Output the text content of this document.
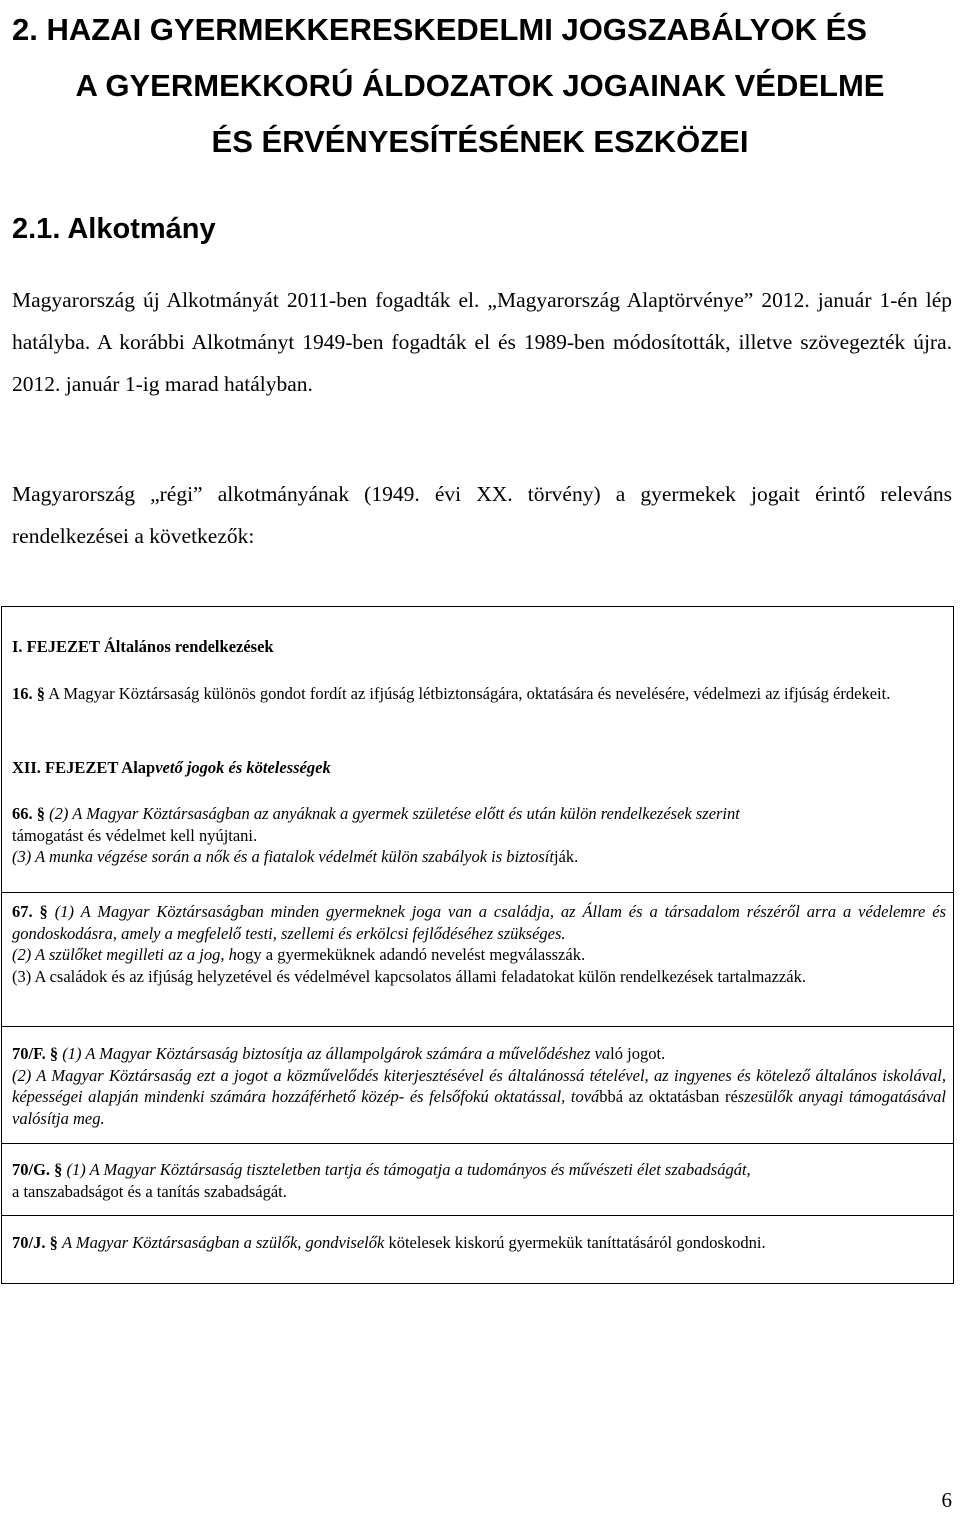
2. HAZAI GYERMEKKERESKEDELMI JOGSZABÁLYOK ÉS
A GYERMEKKORÚ ÁLDOZATOK JOGAINAK VÉDELME
ÉS ÉRVÉNYESÍTÉSÉNEK ESZKÖZEI
2.1. Alkotmány

Magyarország új Alkotmányát 2011-ben fogadták el. „Magyarország Alaptörvénye” 2012. január 1-én lép hatályba. A korábbi Alkotmányt 1949-ben fogadták el és 1989-ben módosították, illetve szövegezték újra. 2012. január 1-ig marad hatályban.

Magyarország „régi” alkotmányának (1949. évi XX. törvény) a gyermekek jogait érintő releváns rendelkezései a következők:

I. FEJEZET Általános rendelkezések

16. § A Magyar Köztársaság különös gondot fordít az ifjúság létbiztonságára, oktatására és nevelésére, védelmezi az ifjúság érdekeit.

XII. FEJEZET Alapvető jogok és kötelességek

66. § (2) A Magyar Köztársaságban az anyáknak a gyermek születése előtt és után külön rendelkezések szerint

támogatást és védelmet kell nyújtani.

(3) A munka végzése során a nők és a fiatalok védelmét külön szabályok is biztosítják.

67. § (1) A Magyar Köztársaságban minden gyermeknek joga van a családja, az Állam és a társadalom részéről arra a védelemre és gondoskodásra, amely a megfelelő testi, szellemi és erkölcsi fejlődéséhez szükséges.

(2) A szülőket megilleti az a jog, hogy a gyermeküknek adandó nevelést megválasszák.

(3) A családok és az ifjúság helyzetével és védelmével kapcsolatos állami feladatokat külön rendelkezések tartalmazzák.

70/F. § (1) A Magyar Köztársaság biztosítja az állampolgárok számára a művelődéshez való jogot.

(2) A Magyar Köztársaság ezt a jogot a közművelődés kiterjesztésével és általánossá tételével, az ingyenes és kötelező általános iskolával, képességei alapján mindenki számára hozzáférhető közép- és felsőfokú oktatással, továbbá az oktatásban részesülők anyagi támogatásával valósítja meg.

70/G. § (1) A Magyar Köztársaság tiszteletben tartja és támogatja a tudományos és művészeti élet szabadságát,

a tanszabadságot és a tanítás szabadságát.

70/J. § A Magyar Köztársaságban a szülők, gondviselők kötelesek kiskorú gyermekük taníttatásáról gondoskodni.

6
